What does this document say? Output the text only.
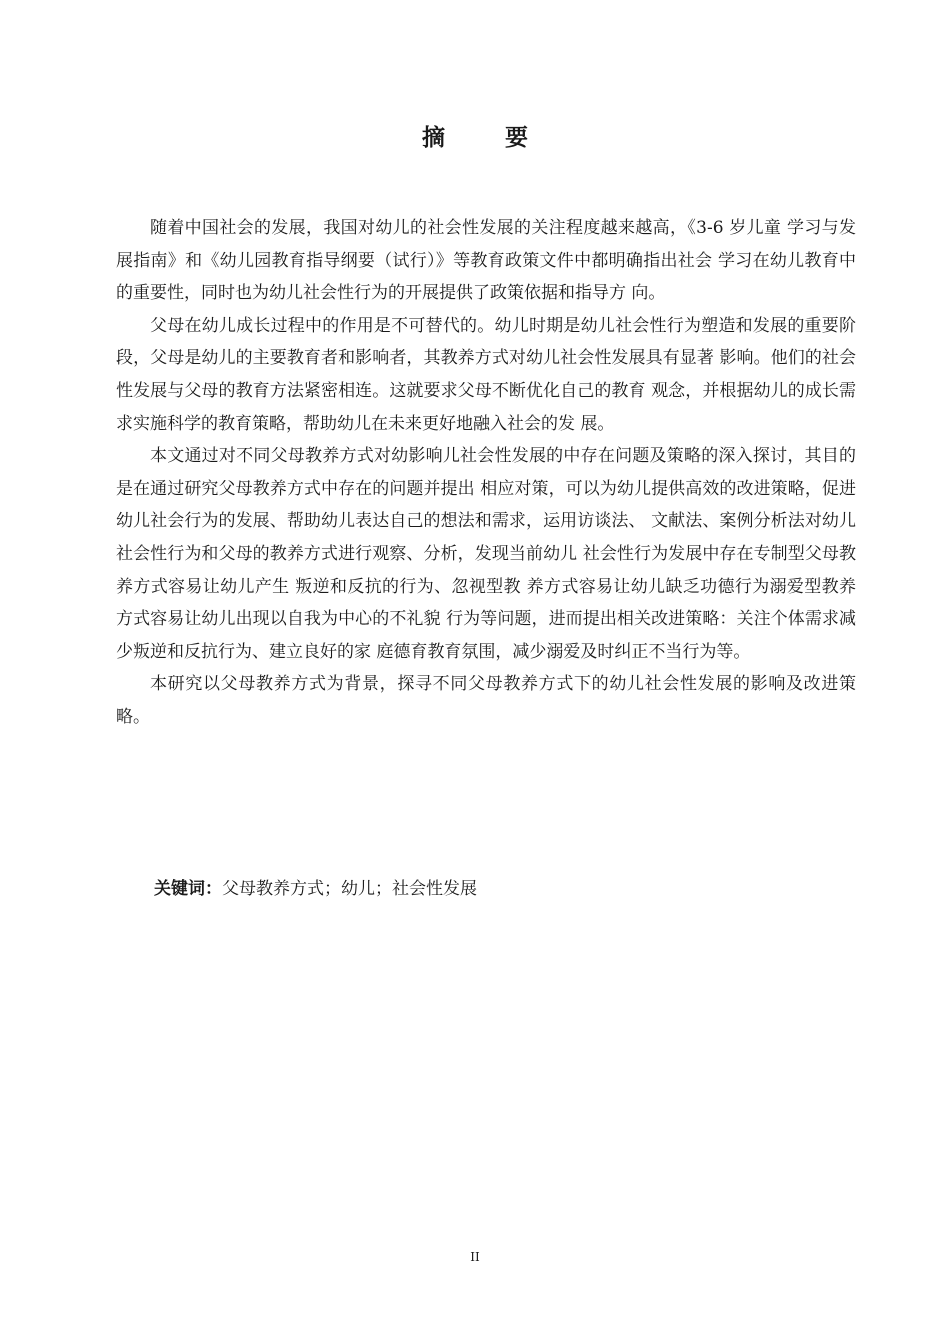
摘 要

随着中国社会的发展，我国对幼儿的社会性发展的关注程度越来越高，《3-6 岁儿童 学习与发展指南》和《幼儿园教育指导纲要（试行）》等教育政策文件中都明确指出社会 学习在幼儿教育中的重要性，同时也为幼儿社会性行为的开展提供了政策依据和指导方 向。

父母在幼儿成长过程中的作用是不可替代的。幼儿时期是幼儿社会性行为塑造和发展的重要阶段，父母是幼儿的主要教育者和影响者，其教养方式对幼儿社会性发展具有显著 影响。他们的社会性发展与父母的教育方法紧密相连。这就要求父母不断优化自己的教育 观念，并根据幼儿的成长需求实施科学的教育策略，帮助幼儿在未来更好地融入社会的发 展。

本文通过对不同父母教养方式对幼影响儿社会性发展的中存在问题及策略的深入探讨，其目的是在通过研究父母教养方式中存在的问题并提出 相应对策，可以为幼儿提供高效的改进策略，促进幼儿社会行为的发展、帮助幼儿表达自己的想法和需求，运用访谈法、 文献法、案例分析法对幼儿社会性行为和父母的教养方式进行观察、分析，发现当前幼儿 社会性行为发展中存在专制型父母教养方式容易让幼儿产生 叛逆和反抗的行为、忽视型教 养方式容易让幼儿缺乏功德行为溺爱型教养方式容易让幼儿出现以自我为中心的不礼貌 行为等问题，进而提出相关改进策略：关注个体需求减少叛逆和反抗行为、建立良好的家 庭德育教育氛围，减少溺爱及时纠正不当行为等。

本研究以父母教养方式为背景，探寻不同父母教养方式下的幼儿社会性发展的影响及改进策略。

关键词：父母教养方式；幼儿；社会性发展
II
